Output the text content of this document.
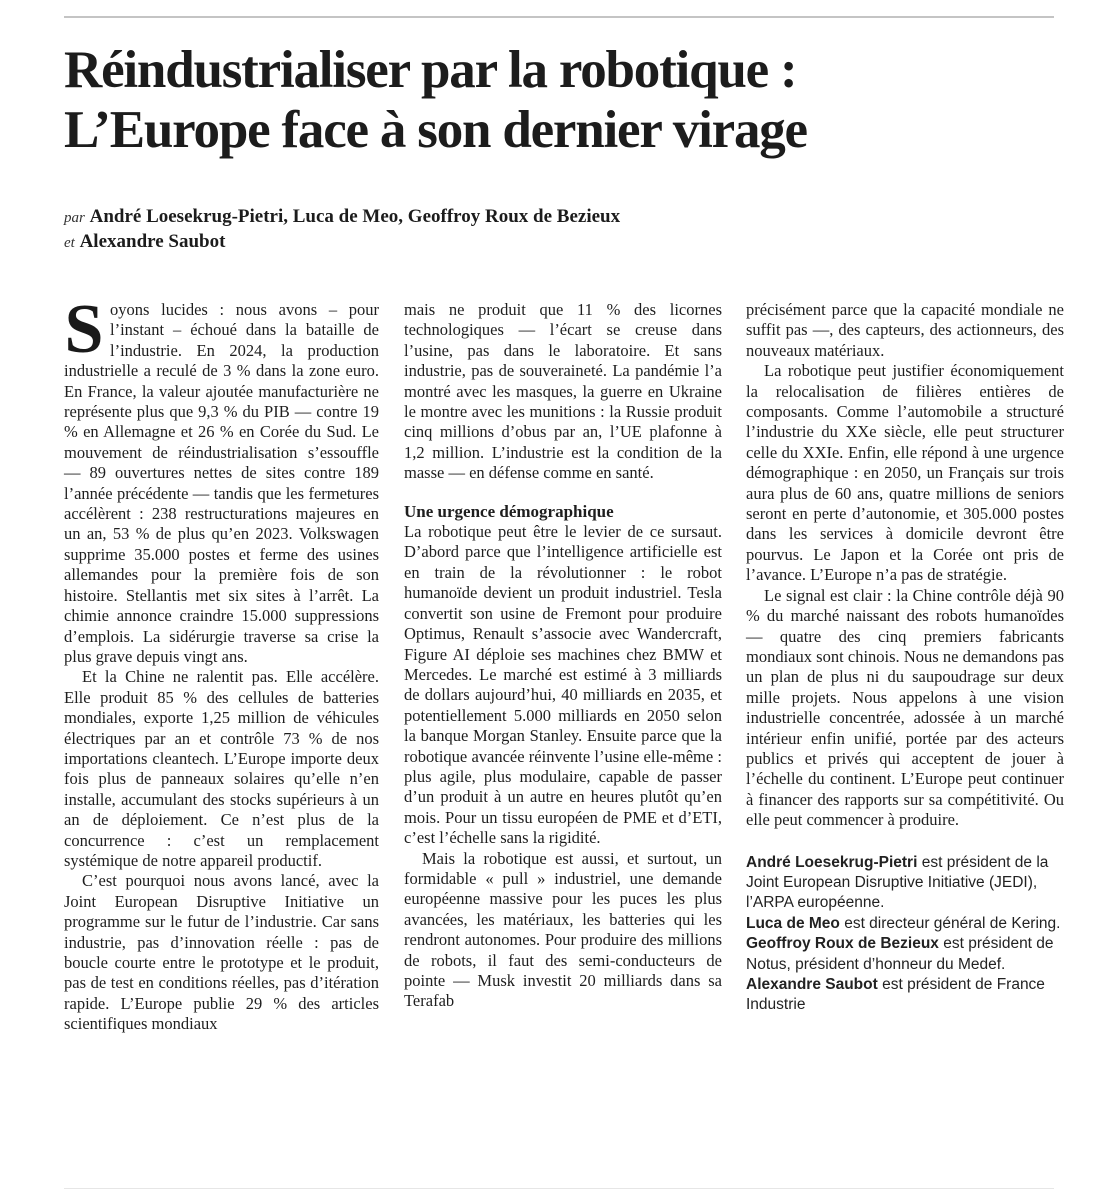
Réindustrialiser par la robotique :
L’Europe face à son dernier virage
par André Loesekrug-Pietri, Luca de Meo, Geoffroy Roux de Bezieux
et Alexandre Saubot

S oyons lucides : nous avons – pour l’instant – échoué dans la bataille de l’industrie. En 2024, la production industrielle a reculé de 3 % dans la zone euro. En France, la valeur ajoutée manufacturière ne représente plus que 9,3 % du PIB — contre 19 % en Allemagne et 26 % en Corée du Sud. Le mouvement de réindustrialisation s’essouffle — 89 ouvertures nettes de sites contre 189 l’année précédente — tandis que les fermetures accélèrent : 238 restructurations majeures en un an, 53 % de plus qu’en 2023. Volkswagen supprime 35.000 postes et ferme des usines allemandes pour la première fois de son histoire. Stellantis met six sites à l’arrêt. La chimie annonce craindre 15.000 suppressions d’emplois. La sidérurgie traverse sa crise la plus grave depuis vingt ans.

Et la Chine ne ralentit pas. Elle accélère. Elle produit 85 % des cellules de batteries mondiales, exporte 1,25 million de véhicules électriques par an et contrôle 73 % de nos importations cleantech. L’Europe importe deux fois plus de panneaux solaires qu’elle n’en installe, accumulant des stocks supérieurs à un an de déploiement. Ce n’est plus de la concurrence : c’est un remplacement systémique de notre appareil productif.

C’est pourquoi nous avons lancé, avec la Joint European Disruptive Initiative un programme sur le futur de l’industrie. Car sans industrie, pas d’innovation réelle : pas de boucle courte entre le prototype et le produit, pas de test en conditions réelles, pas d’itération rapide. L’Europe publie 29 % des articles scientifiques mondiaux

mais ne produit que 11 % des licornes technologiques — l’écart se creuse dans l’usine, pas dans le laboratoire. Et sans industrie, pas de souveraineté. La pandémie l’a montré avec les masques, la guerre en Ukraine le montre avec les munitions : la Russie produit cinq millions d’obus par an, l’UE plafonne à 1,2 million. L’industrie est la condition de la masse — en défense comme en santé.

Une urgence démographique

La robotique peut être le levier de ce sursaut. D’abord parce que l’intelligence artificielle est en train de la révolutionner : le robot humanoïde devient un produit industriel. Tesla convertit son usine de Fremont pour produire Optimus, Renault s’associe avec Wandercraft, Figure AI déploie ses machines chez BMW et Mercedes. Le marché est estimé à 3 milliards de dollars aujourd’hui, 40 milliards en 2035, et potentiellement 5.000 milliards en 2050 selon la banque Morgan Stanley. Ensuite parce que la robotique avancée réinvente l’usine elle-même : plus agile, plus modulaire, capable de passer d’un produit à un autre en heures plutôt qu’en mois. Pour un tissu européen de PME et d’ETI, c’est l’échelle sans la rigidité.

Mais la robotique est aussi, et surtout, un formidable « pull » industriel, une demande européenne massive pour les puces les plus avancées, les matériaux, les batteries qui les rendront autonomes. Pour produire des millions de robots, il faut des semi-conducteurs de pointe — Musk investit 20 milliards dans sa Terafab

précisément parce que la capacité mondiale ne suffit pas —, des capteurs, des actionneurs, des nouveaux matériaux.

La robotique peut justifier économiquement la relocalisation de filières entières de composants. Comme l’automobile a structuré l’industrie du XXe siècle, elle peut structurer celle du XXIe. Enfin, elle répond à une urgence démographique : en 2050, un Français sur trois aura plus de 60 ans, quatre millions de seniors seront en perte d’autonomie, et 305.000 postes dans les services à domicile devront être pourvus. Le Japon et la Corée ont pris de l’avance. L’Europe n’a pas de stratégie.

Le signal est clair : la Chine contrôle déjà 90 % du marché naissant des robots humanoïdes — quatre des cinq premiers fabricants mondiaux sont chinois. Nous ne demandons pas un plan de plus ni du saupoudrage sur deux mille projets. Nous appelons à une vision industrielle concentrée, adossée à un marché intérieur enfin unifié, portée par des acteurs publics et privés qui acceptent de jouer à l’échelle du continent. L’Europe peut continuer à financer des rapports sur sa compétitivité. Ou elle peut commencer à produire.

André Loesekrug-Pietri est président de la Joint European Disruptive Initiative (JEDI), l’ARPA européenne.

Luca de Meo est directeur général de Kering.

Geoffroy Roux de Bezieux est président de Notus, président d’honneur du Medef.

Alexandre Saubot est président de France Industrie
